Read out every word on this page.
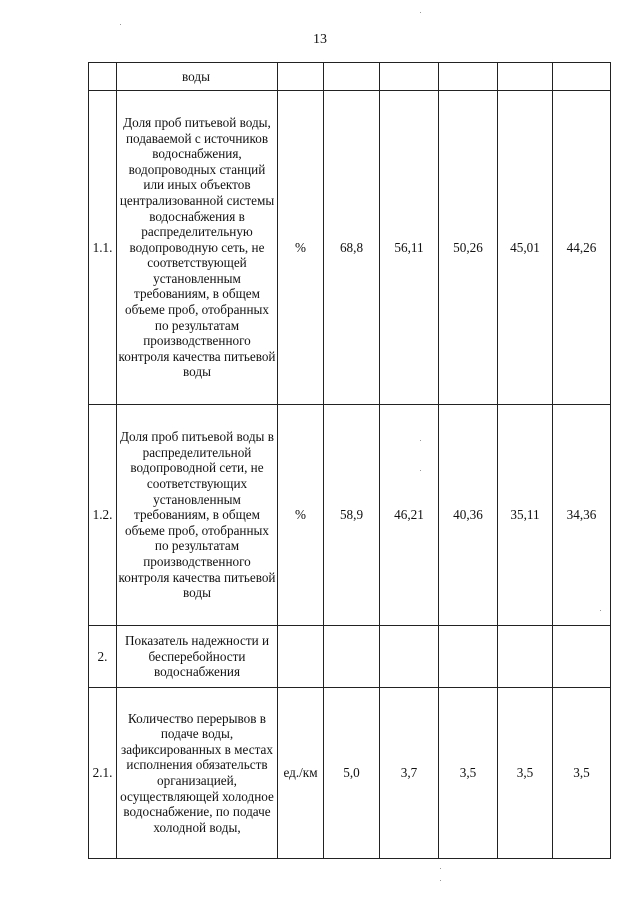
13
	воды						
1.1.	Доля проб питьевой воды, подаваемой с источников водоснабжения, водопроводных станций или иных объектов централизованной системы водоснабжения в распределительную водопроводную сеть, не соответствующей установленным требованиям, в общем объеме проб, отобранных по результатам производственного контроля качества питьевой воды	%	68,8	56,11	50,26	45,01	44,26
1.2.	Доля проб питьевой воды в распределительной водопроводной сети, не соответствующих установленным требованиям, в общем объеме проб, отобранных по результатам производственного контроля качества питьевой воды	%	58,9	46,21	40,36	35,11	34,36
2.	Показатель надежности и бесперебойности водоснабжения						
2.1.	Количество перерывов в подаче воды, зафиксированных в местах исполнения обязательств организацией, осуществляющей холодное водоснабжение, по подаче холодной воды,	ед./км	5,0	3,7	3,5	3,5	3,5
